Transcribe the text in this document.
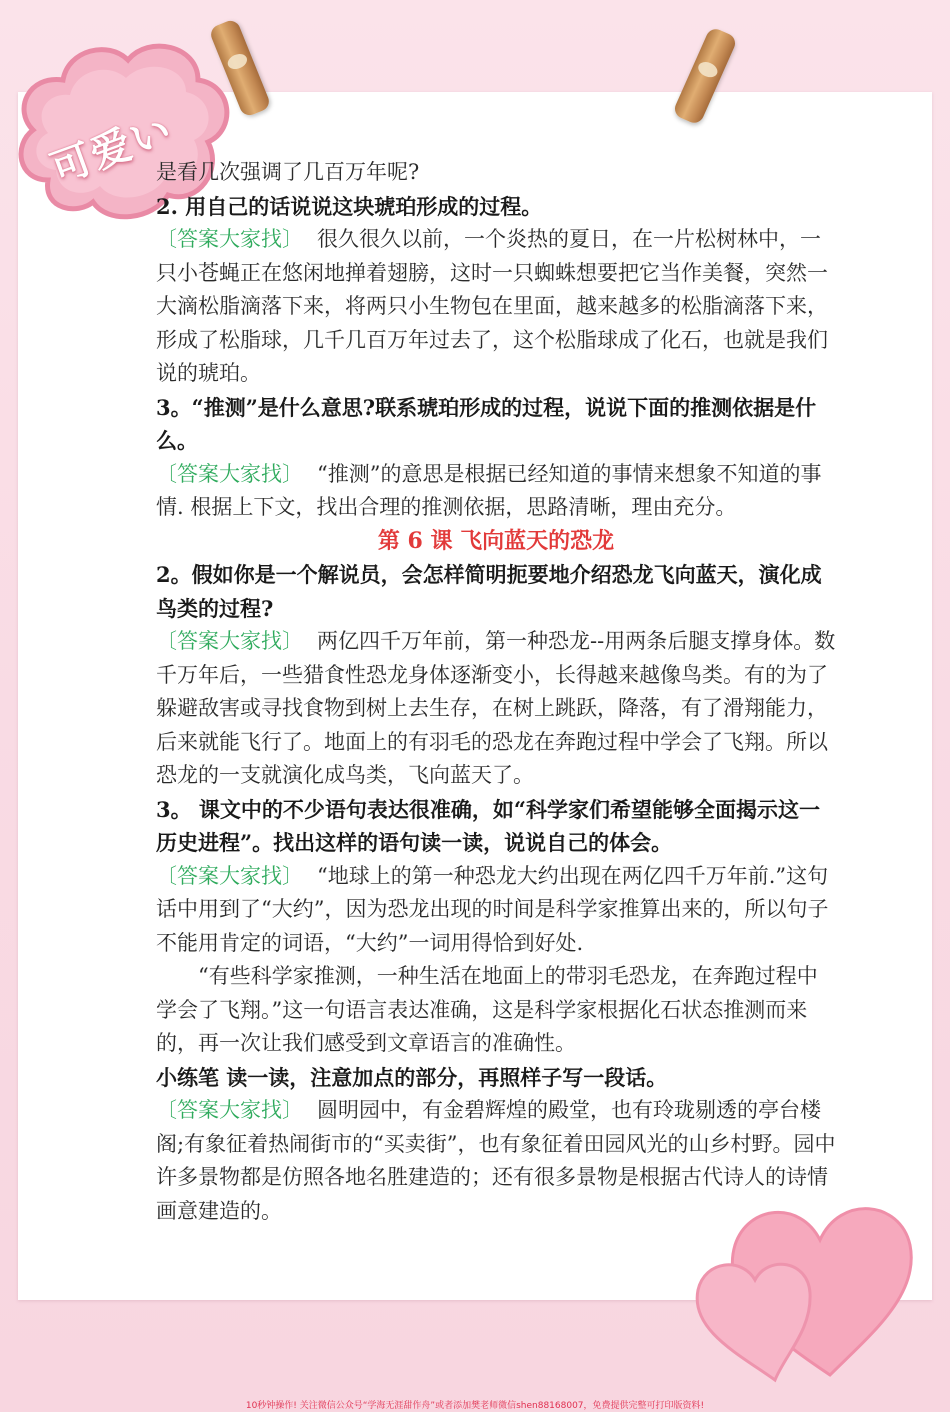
可爱い

是看几次强调了几百万年呢?

2. 用自己的话说说这块琥珀形成的过程。

〔答案大家找〕 很久很久以前，一个炎热的夏日，在一片松树林中，一只小苍蝇正在悠闲地掸着翅膀，这时一只蜘蛛想要把它当作美餐，突然一大滴松脂滴落下来，将两只小生物包在里面，越来越多的松脂滴落下来，形成了松脂球，几千几百万年过去了，这个松脂球成了化石，也就是我们说的琥珀。

3。“推测”是什么意思?联系琥珀形成的过程，说说下面的推测依据是什么。

〔答案大家找〕 “推测”的意思是根据已经知道的事情来想象不知道的事情. 根据上下文，找出合理的推测依据，思路清晰，理由充分。

第 6 课 飞向蓝天的恐龙

2。假如你是一个解说员，会怎样简明扼要地介绍恐龙飞向蓝天，演化成鸟类的过程?

〔答案大家找〕 两亿四千万年前，第一种恐龙--用两条后腿支撑身体。数千万年后，一些猎食性恐龙身体逐渐变小，长得越来越像鸟类。有的为了躲避敌害或寻找食物到树上去生存，在树上跳跃，降落，有了滑翔能力，后来就能飞行了。地面上的有羽毛的恐龙在奔跑过程中学会了飞翔。所以恐龙的一支就演化成鸟类，飞向蓝天了。

3。 课文中的不少语句表达很准确，如“科学家们希望能够全面揭示这一历史进程”。找出这样的语句读一读，说说自己的体会。

〔答案大家找〕 “地球上的第一种恐龙大约出现在两亿四千万年前.”这句话中用到了“大约”，因为恐龙出现的时间是科学家推算出来的，所以句子不能用肯定的词语，“大约”一词用得恰到好处.

“有些科学家推测，一种生活在地面上的带羽毛恐龙，在奔跑过程中学会了飞翔。”这一句语言表达准确，这是科学家根据化石状态推测而来的，再一次让我们感受到文章语言的准确性。

小练笔 读一读，注意加点的部分，再照样子写一段话。

〔答案大家找〕 圆明园中，有金碧辉煌的殿堂，也有玲珑剔透的亭台楼阁;有象征着热闹街市的“买卖街”，也有象征着田园风光的山乡村野。园中许多景物都是仿照各地名胜建造的；还有很多景物是根据古代诗人的诗情画意建造的。

10秒钟操作! 关注微信公众号“学海无涯甜作舟”或者添加樊老师微信shen88168007，免费提供完整可打印版资料!
